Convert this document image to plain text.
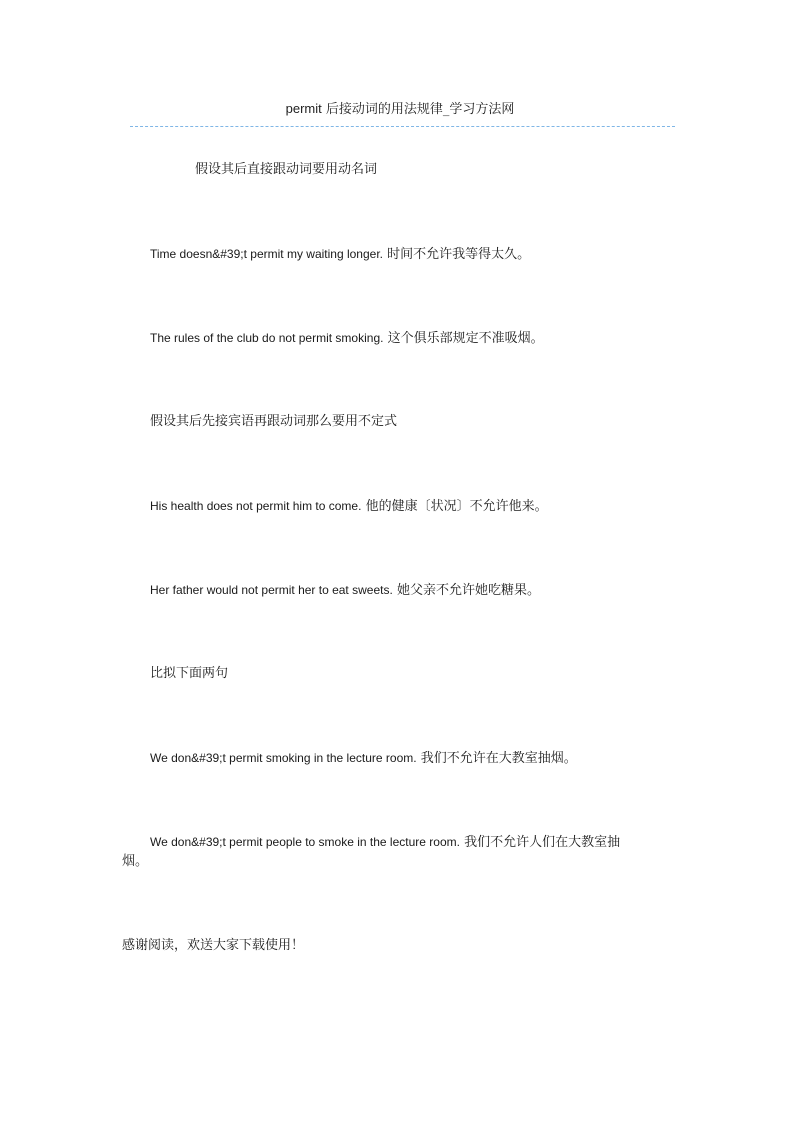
permit 后接动词的用法规律_学习方法网
假设其后直接跟动词要用动名词
Time doesn&#39;t permit my waiting longer. 时间不允许我等得太久。
The rules of the club do not permit smoking. 这个俱乐部规定不准吸烟。
假设其后先接宾语再跟动词那么要用不定式
His health does not permit him to come. 他的健康〔状况〕不允许他来。
Her father would not permit her to eat sweets. 她父亲不允许她吃糖果。
比拟下面两句
We don&#39;t permit smoking in the lecture room. 我们不允许在大教室抽烟。
We don&#39;t permit people to smoke in the lecture room. 我们不允许人们在大教室抽
烟。
感谢阅读，欢送大家下载使用！
